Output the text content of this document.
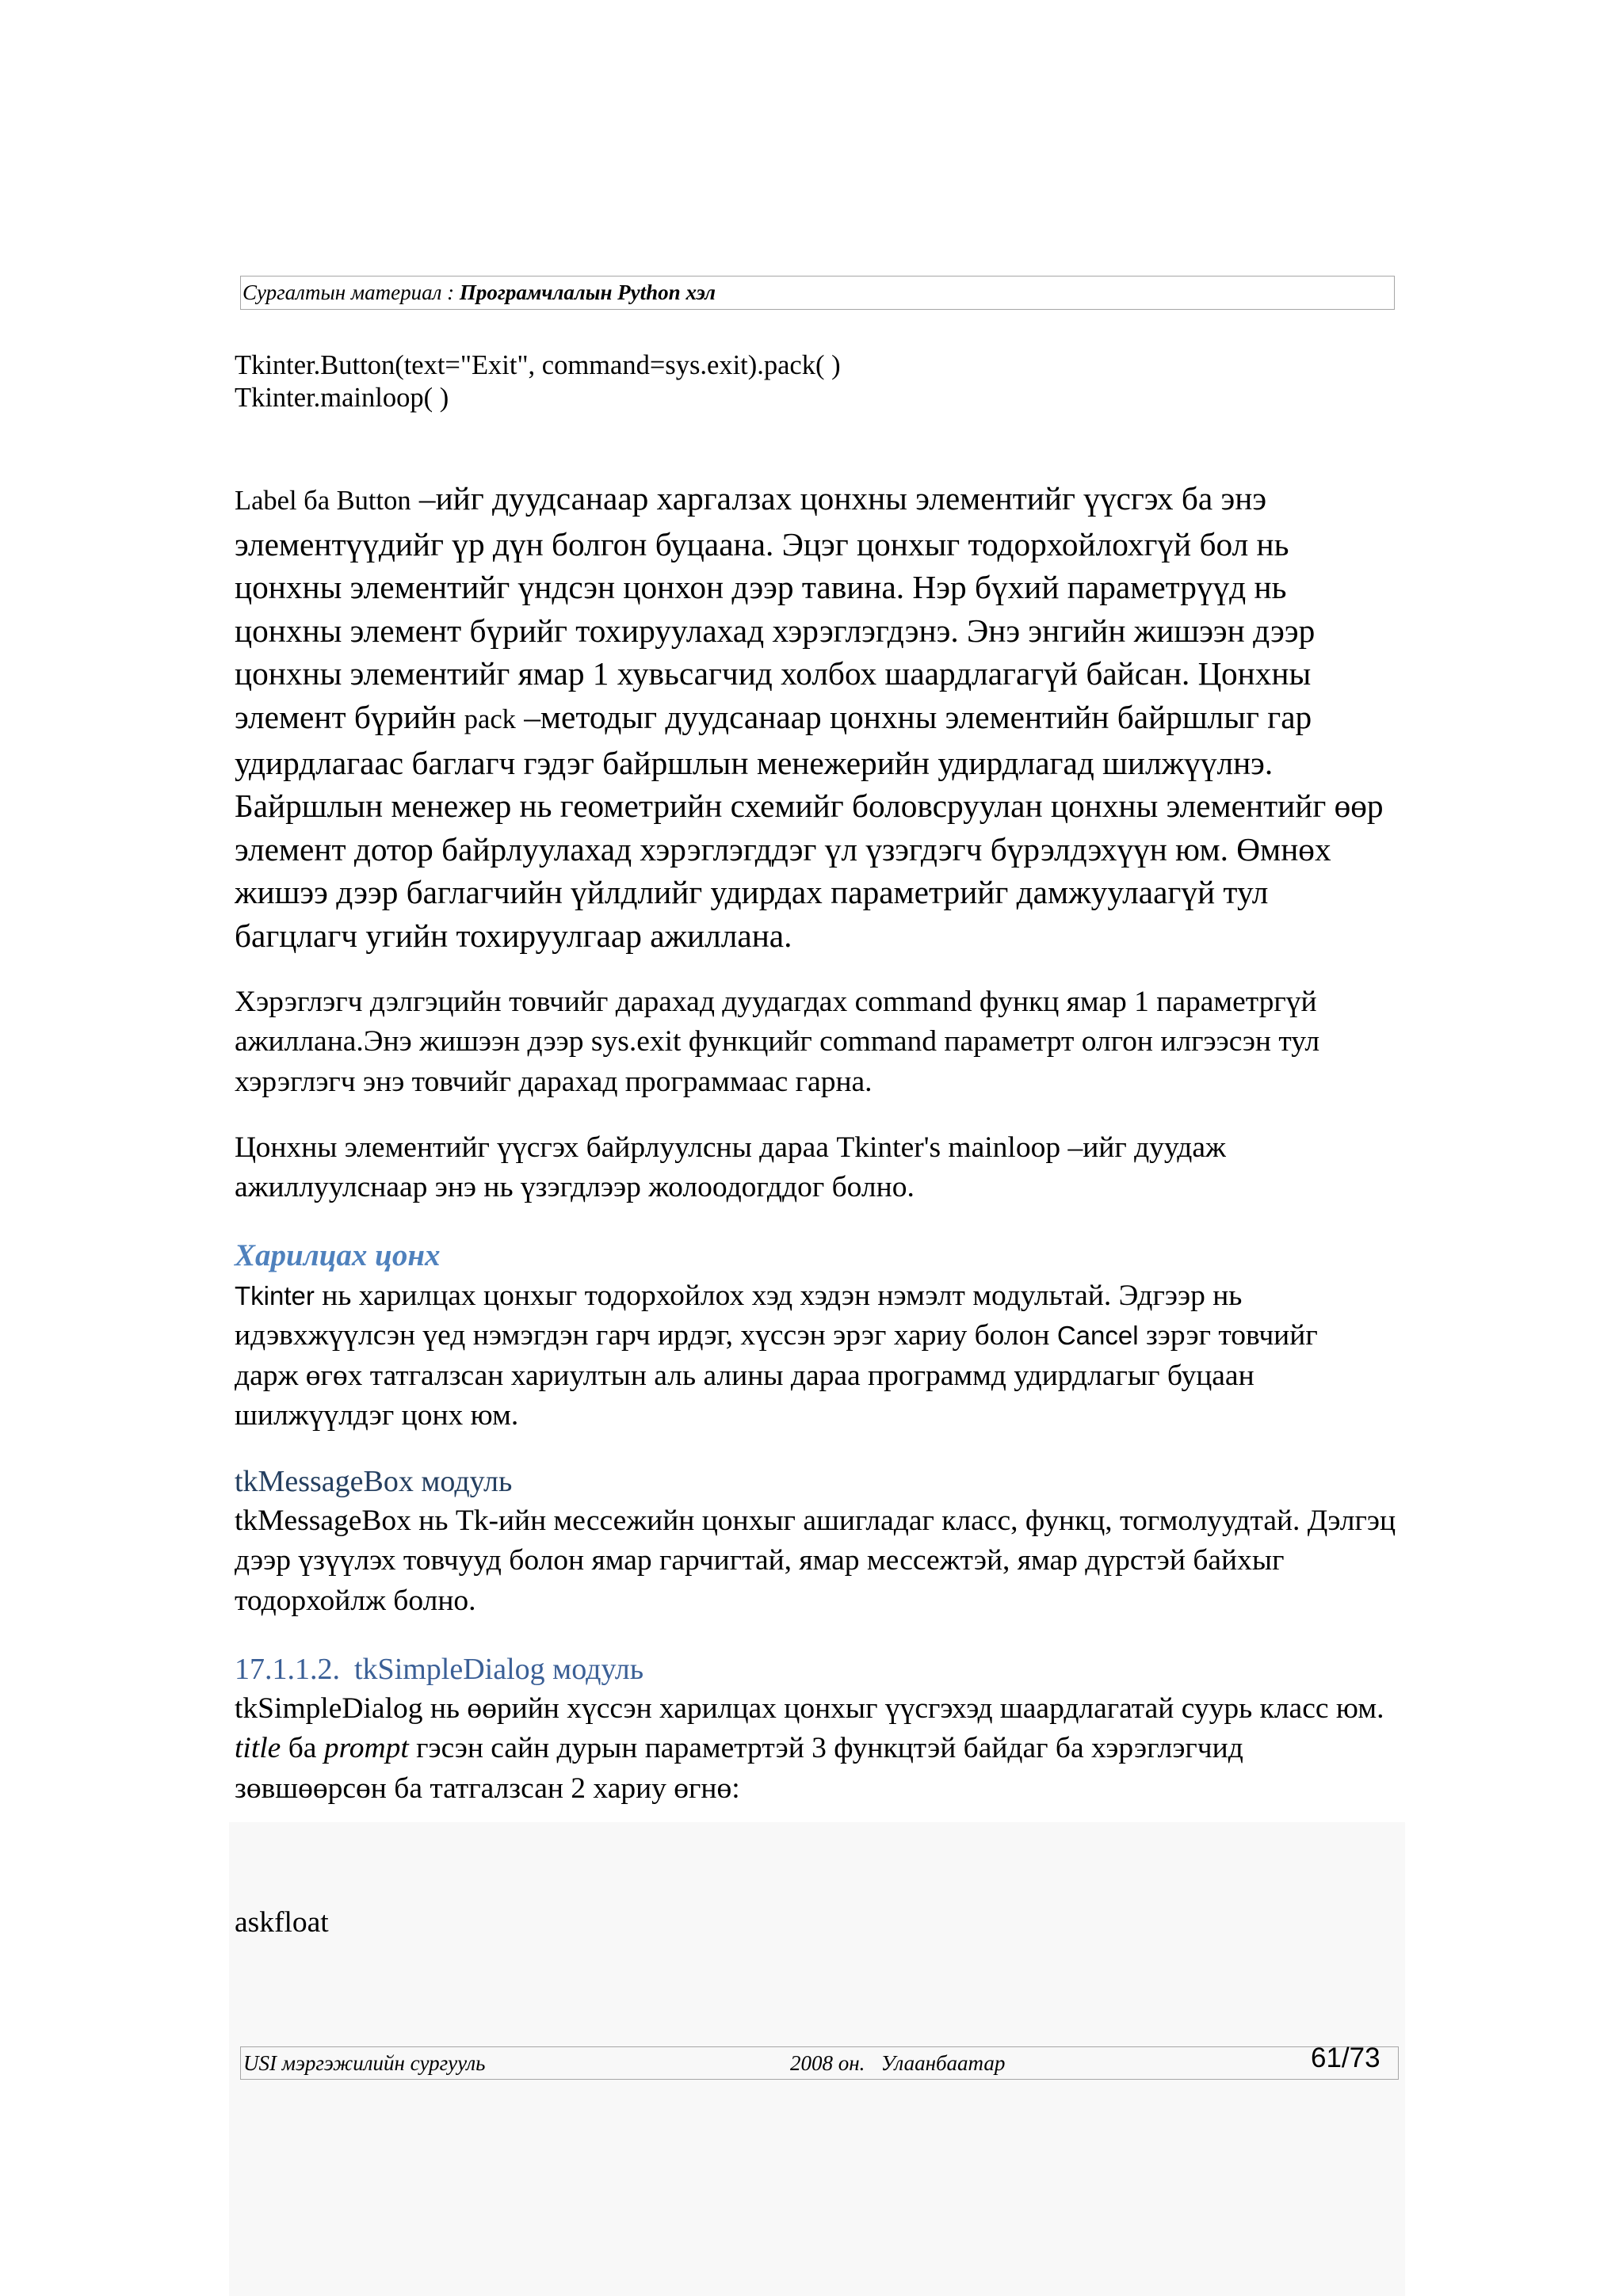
Сургалтын материал : Програмчлалын Python хэл
Tkinter.Button(text="Exit", command=sys.exit).pack( )
Tkinter.mainloop( )
Label ба Button –ийг дуудсанаар харгалзах цонхны элементийг үүсгэх ба энэ
элементүүдийг үр дүн болгон буцаана. Эцэг цонхыг тодорхойлохгүй бол нь
цонхны элементийг үндсэн цонхон дээр тавина. Нэр бүхий параметрүүд нь
цонхны элемент бүрийг тохируулахад хэрэглэгдэнэ. Энэ энгийн жишээн дээр
цонхны элементийг ямар 1 хувьсагчид холбох шаардлагагүй байсан. Цонхны
элемент бүрийн pack –методыг дуудсанаар цонхны элементийн байршлыг гар
удирдлагаас баглагч гэдэг байршлын менежерийн удирдлагад шилжүүлнэ.
Байршлын менежер нь геометрийн схемийг боловсруулан цонхны элементийг өөр
элемент дотор байрлуулахад хэрэглэгддэг үл үзэгдэгч бүрэлдэхүүн юм. Өмнөх
жишээ дээр баглагчийн үйлдлийг удирдах параметрийг дамжуулаагүй тул
багцлагч угийн тохируулгаар ажиллана.
Хэрэглэгч дэлгэцийн товчийг дарахад дуудагдах command функц ямар 1 параметргүй
ажиллана.Энэ жишээн дээр sys.exit функцийг command параметрт олгон илгээсэн тул
хэрэглэгч энэ товчийг дарахад программаас гарна.
Цонхны элементийг үүсгэх байрлуулсны дараа Tkinter's mainloop –ийг дуудаж
ажиллуулснаар энэ нь үзэгдлээр жолоодогддог болно.
Харилцах цонх
Tkinter нь харилцах цонхыг тодорхойлох хэд хэдэн нэмэлт модультай. Эдгээр нь
идэвхжүүлсэн үед нэмэгдэн гарч ирдэг, хүссэн эрэг хариу болон Cancel зэрэг товчийг
дарж өгөх татгалзсан хариултын аль алины дараа программд удирдлагыг буцаан
шилжүүлдэг цонх юм.
tkMessageBox модуль
tkMessageBox нь Tk-ийн мессежийн цонхыг ашигладаг класс, функц, тогмолуудтай. Дэлгэц
дээр үзүүлэх товчууд болон ямар гарчигтай, ямар мессежтэй, ямар дүрстэй байхыг
тодорхойлж болно.
17.1.1.2. tkSimpleDialog модуль
tkSimpleDialog нь өөрийн хүссэн харилцах цонхыг үүсгэхэд шаардлагатай суурь класс юм.
title ба prompt гэсэн сайн дурын параметртэй 3 функцтэй байдаг ба хэрэглэгчид
зөвшөөрсөн ба татгалзсан 2 хариу өгнө:
askfloat
USI мэргэжилийн сургууль	2008 он.   Улаанбаатар	61/73
